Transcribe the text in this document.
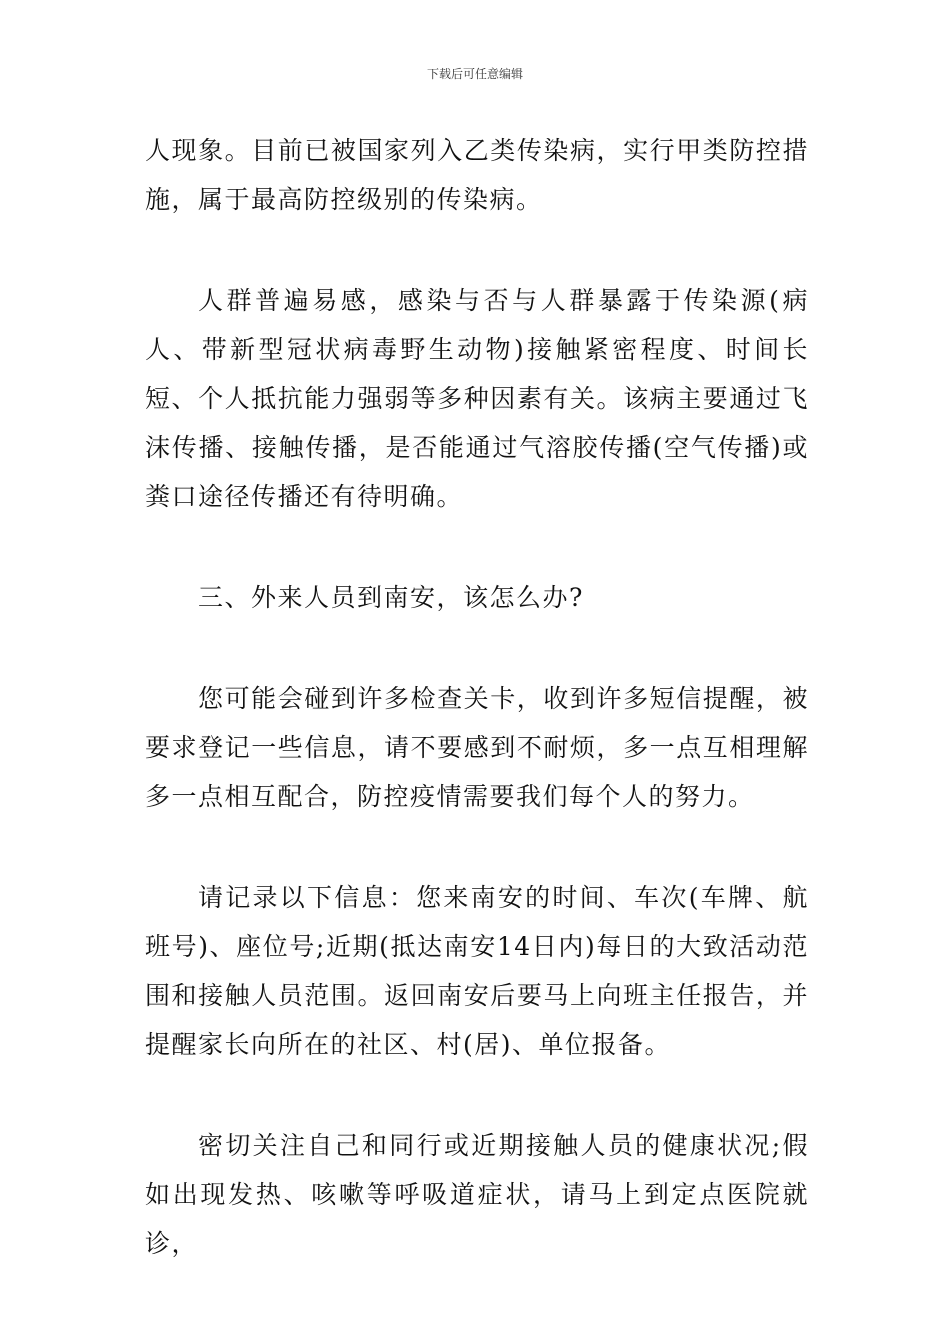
下载后可任意编辑

人现象。目前已被国家列入乙类传染病，实行甲类防控措施，属于最高防控级别的传染病。

人群普遍易感，感染与否与人群暴露于传染源(病人、带新型冠状病毒野生动物)接触紧密程度、时间长短、个人抵抗能力强弱等多种因素有关。该病主要通过飞沫传播、接触传播，是否能通过气溶胶传播(空气传播)或粪口途径传播还有待明确。

三、外来人员到南安，该怎么办?

您可能会碰到许多检查关卡，收到许多短信提醒，被要求登记一些信息，请不要感到不耐烦，多一点互相理解多一点相互配合，防控疫情需要我们每个人的努力。

请记录以下信息：您来南安的时间、车次(车牌、航班号)、座位号;近期(抵达南安14日内)每日的大致活动范围和接触人员范围。返回南安后要马上向班主任报告，并提醒家长向所在的社区、村(居)、单位报备。

密切关注自己和同行或近期接触人员的健康状况;假如出现发热、咳嗽等呼吸道症状，请马上到定点医院就诊，
